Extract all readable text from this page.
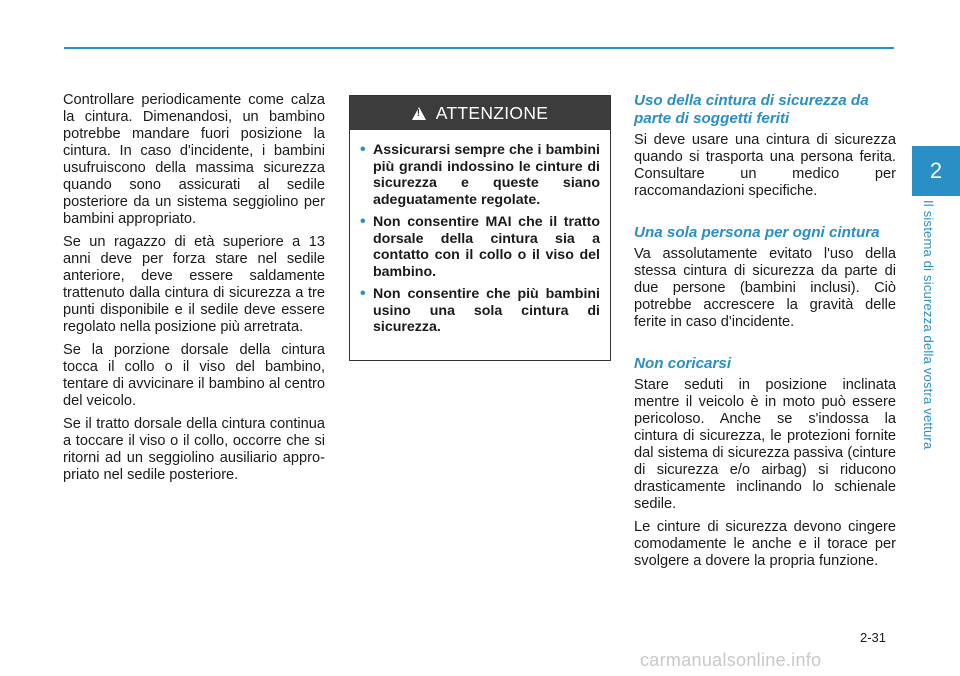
2
Il sistema di sicurezza della vostra vettura

Controllare periodicamente come calza la cintura. Dimenandosi, un bambino potrebbe mandare fuori posizione la cintura. In caso d'incidente, i bambini usufruiscono della massima sicurezza quando sono assicurati al sedile posteriore da un sistema seggiolino per bambini appropriato.

Se un ragazzo di età superiore a 13 anni deve per forza stare nel sedile anteriore, deve essere saldamente trattenuto dalla cintura di sicurezza a tre punti disponibile e il sedile deve essere regolato nella posizione più arretrata.

Se la porzione dorsale della cintura tocca il collo o il viso del bambino, tentare di avvicinare il bambino al centro del veicolo.

Se il tratto dorsale della cintura continua a toccare il viso o il collo, occorre che si ritorni ad un seggiolino ausiliario appro-priato nel sedile posteriore.

!
ATTENZIONE
• Assicurarsi sempre che i bambini più grandi indossino le cinture di sicurezza e queste siano adeguatamente regolate.
• Non consentire MAI che il tratto dorsale della cintura sia a contatto con il collo o il viso del bambino.
• Non consentire che più bambini usino una sola cintura di sicurezza.
Uso della cintura di sicurezza da parte di soggetti feriti

Si deve usare una cintura di sicurezza quando si trasporta una persona ferita. Consultare un medico per raccomandazioni specifiche.

Una sola persona per ogni cintura

Va assolutamente evitato l'uso della stessa cintura di sicurezza da parte di due persone (bambini inclusi). Ciò potrebbe accrescere la gravità delle ferite in caso d'incidente.

Non coricarsi

Stare seduti in posizione inclinata mentre il veicolo è in moto può essere pericoloso. Anche se s'indossa la cintura di sicurezza, le protezioni fornite dal sistema di sicurezza passiva (cinture di sicurezza e/o airbag) si riducono drasticamente inclinando lo schienale sedile.

Le cinture di sicurezza devono cingere comodamente le anche e il torace per svolgere a dovere la propria funzione.

2-31
carmanualsonline.info
